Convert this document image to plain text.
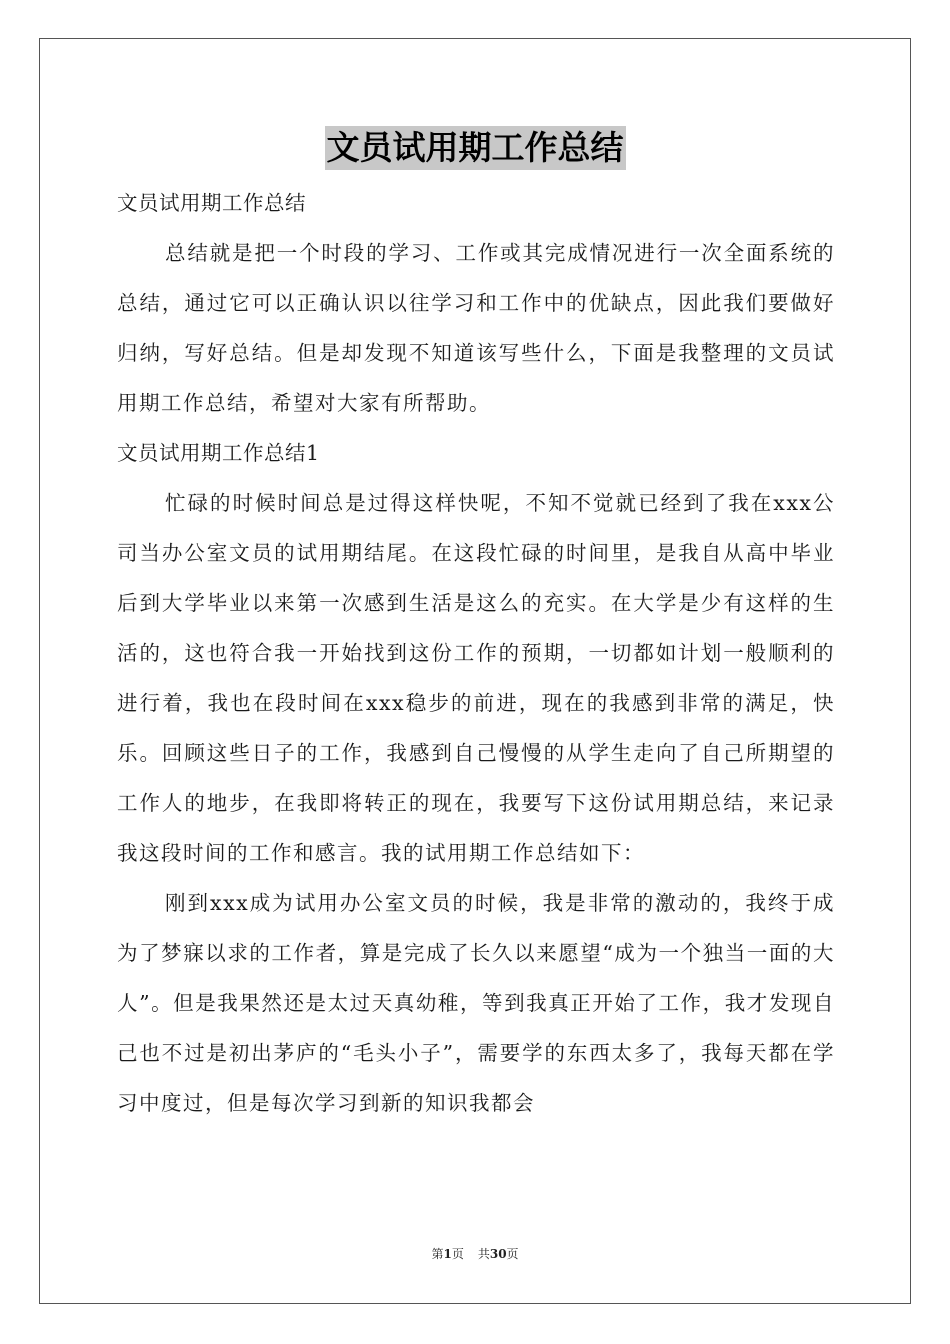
文员试用期工作总结

文员试用期工作总结

总结就是把一个时段的学习、工作或其完成情况进行一次全面系统的总结，通过它可以正确认识以往学习和工作中的优缺点，因此我们要做好归纳，写好总结。但是却发现不知道该写些什么，下面是我整理的文员试用期工作总结，希望对大家有所帮助。

文员试用期工作总结1

忙碌的时候时间总是过得这样快呢，不知不觉就已经到了我在xxx公司当办公室文员的试用期结尾。在这段忙碌的时间里，是我自从高中毕业后到大学毕业以来第一次感到生活是这么的充实。在大学是少有这样的生活的，这也符合我一开始找到这份工作的预期，一切都如计划一般顺利的进行着，我也在段时间在xxx稳步的前进，现在的我感到非常的满足，快乐。回顾这些日子的工作，我感到自己慢慢的从学生走向了自己所期望的工作人的地步，在我即将转正的现在，我要写下这份试用期总结，来记录我这段时间的工作和感言。我的试用期工作总结如下：

刚到xxx成为试用办公室文员的时候，我是非常的激动的，我终于成为了梦寐以求的工作者，算是完成了长久以来愿望“成为一个独当一面的大人”。但是我果然还是太过天真幼稚，等到我真正开始了工作，我才发现自己也不过是初出茅庐的“毛头小子”，需要学的东西太多了，我每天都在学习中度过，但是每次学习到新的知识我都会

第1页 共30页
